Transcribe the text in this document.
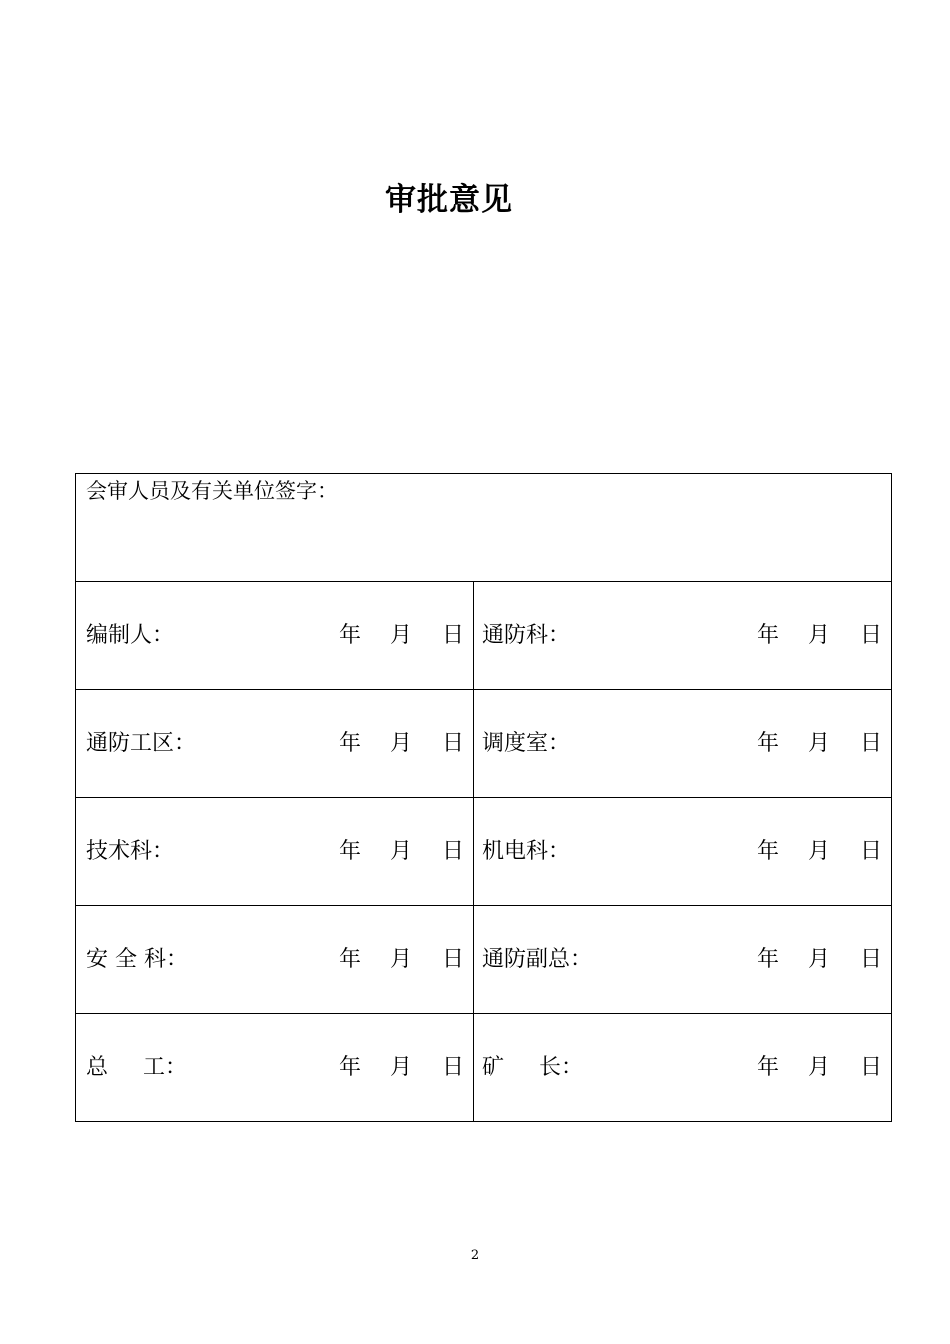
审批意见
会审人员及有关单位签字：	

编制人： 年 月 日	通防科： 年 月 日

通防工区： 年 月 日	调度室： 年 月 日

技术科： 年 月 日	机电科： 年 月 日

安 全 科： 年 月 日	通防副总： 年 月 日

总     工： 年 月 日	矿     长： 年 月 日
2
